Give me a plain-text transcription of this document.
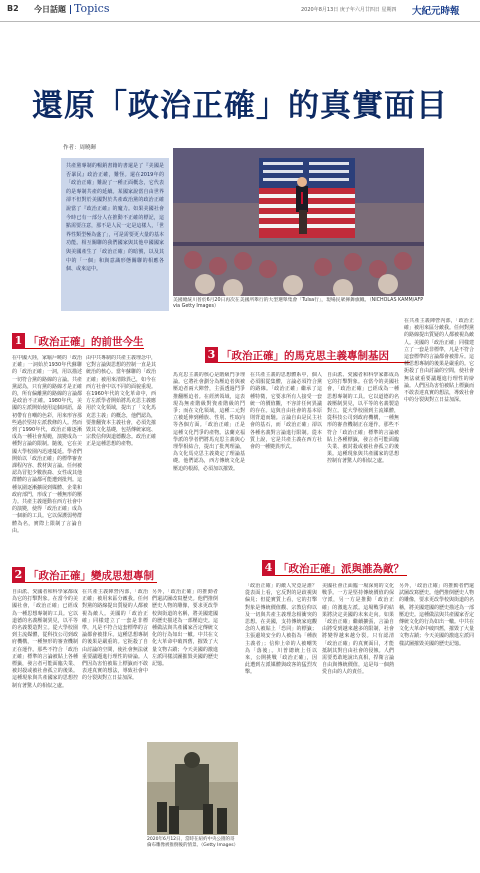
B2 今日話題 Topics	2020年8月13日 庚子年六月廿四日 星期四 大紀元時報
還原「政治正確」的真實面目
作者：周曉暉
共產黨專制的暢銷書籍的書還是了『美國是否暴民』政治正確，難怪。還在2019年的「政治正確」難說了一種正面概念，它代表的是專制共產的延續。某國家說當自由世界卻不但對於美國對於共產政治黨的政治正確說當了『政治正確』的魔力。如果美國社會今時已有一部分人在推動不正確的標記，這點需要注意，那不是人民一定是這樣人，「世界性類型極為盛了」，可是需要更大量的基本功能。相互關聯的我們國家與其他中國國家與美國產生了「政治正確」的暗號，以及其中的「一個」和與意識形態關聯的相應各個、或來這中。
美國總統川普於6月20日再次在美國所舉行的大型選舉集會「Tulsa行」，現場民眾揮舞旗幟。（NICHOLAS KAMM/AFP via Getty Images）
1 「政治正確」的前世今生
在中國大陸，家喻戶曉的「政治正確」一詞始於1930年代蘇聯的「政治正確」一詞，用以描述一切符合黨的路線的言論。共產黨認為，只有黨的路線才是正確的，所有偏離黨的路線的言論都是政治不正確。1980年代，美國的左派開始使用這個詞語，最初帶有自嘲的色彩，用來形容那些過於堅持左派教條的人。然而到了1990年代，政治正確逐漸成為一種社會規範，演變成為一種對言論的限制。隨後，它在美國大學校園內迅速蔓延。學者們開始以「政治正確」的標準審查課程內容、教材與言論。任何被認為冒犯少數族裔、女性或其他群體的言論都可能遭到批判。這種氛圍逐漸擴展到媒體、企業和政府部門，形成了一種無形的壓力。共產主義運動在西方社會中的演變，使得「政治正確」成為一個新的工具。它以保護弱勢群體為名，實際上限制了言論自由。
由中共專制的共產主義理念中，它對言論與思想的控制一直是其統治的核心。當年蘇聯的「政治正確」被用來清除異己，如今在西方社會中以不同的面貌重現。在1960年代的文化革命中，西方左派學者開始將馬克思主義應用於文化領域，提出了「文化馬克思主義」的概念，他們認為，要推翻資本主義社會，必須先摧毀其文化基礎，包括傳統家庭、宗教信仰與道德觀念。政治正確正是這種思想的產物。
2 「政治正確」變成思想專制
自由派、愛國者和科學家都成為它的打擊對象。在當今的美國社會，「政治正確」已經成為一種思想專制的工具。它以道德的名義壓制異見，以平等的名義製造對立。從大學校園到主流媒體，從科技公司到政府機構，一種無形的審查機制正在運作。那些不符合「政治正確」標準的言論被貼上各種標籤，發言者可能面臨失業、被封殺或被社會孤立的後果。這種現象與共產國家的思想控制有著驚人的相似之處。
在共產主義陣營內部，「政治正確」被用來區分敵我。任何對黨的路線提出質疑的人都被視為敵人。美國的「政治正確」同樣建立了一套是非標準，凡是不符合這套標準的言論都會被排斥。這種思想專制的後果是嚴重的。它扼殺了自由討論的空間，使社會無法就重要議題進行理性的辯論。人們因為害怕被貼上標籤而不敢表達真實的想法，導致社會中的分裂與對立日益加深。
另外，「政治正確」的推動者們還試圖改寫歷史。他們推倒歷史人物的雕像，要求更改學校與街道的名稱，將美國建國的歷史描述為一部壓迫史。這種做法與共產國家否定傳統文化的行為如出一轍。中共在文化大革命中破四舊，摧毀了大量文物古蹟；今天美國的激進左派同樣試圖摧毀美國的歷史記憶。
2020年6月12日，當時在紐約中央公園的哥倫布雕像被推倒後的情景。（Getty Images）
3 「政治正確」的馬克思主義專制基因
馬克思主義的核心是階級鬥爭理論。它將社會劃分為壓迫者與被壓迫者兩大陣營，主張透過鬥爭推翻壓迫者。在經濟領域，這表現為無產階級對資產階級的鬥爭；而在文化領域，這種二元對立被延伸到種族、性別、性取向等各個方面。「政治正確」正是這種文化鬥爭的產物。法蘭克福學派的學者們將馬克思主義與心理學相結合，提出了批判理論，為文化馬克思主義奠定了理論基礎。他們認為，西方傳統文化是壓迫的根源，必須加以摧毀。
在共產主義的思想體系中，個人必須服從集體，言論必須符合黨的路線。「政治正確」繼承了這種特徵，它要求所有人接受一套統一的價值觀，不容許任何異議的存在。這與自由社會的基本原則背道而馳。言論自由是民主社會的基石，而「政治正確」卻以各種名義對言論進行限制。從本質上說，它是共產主義在西方社會的一種變異形式。
自由派、愛國者和科學家都成為它的打擊對象。在當今的美國社會，「政治正確」已經成為一種思想專制的工具。它以道德的名義壓制異見，以平等的名義製造對立。從大學校園到主流媒體，從科技公司到政府機構，一種無形的審查機制正在運作。那些不符合「政治正確」標準的言論被貼上各種標籤，發言者可能面臨失業、被封殺或被社會孤立的後果。這種現象與共產國家的思想控制有著驚人的相似之處。
在共產主義陣營內部，「政治正確」被用來區分敵我。任何對黨的路線提出質疑的人都被視為敵人。美國的「政治正確」同樣建立了一套是非標準，凡是不符合這套標準的言論都會被排斥。這種思想專制的後果是嚴重的。它扼殺了自由討論的空間，使社會無法就重要議題進行理性的辯論。人們因為害怕被貼上標籤而不敢表達真實的想法，導致社會中的分裂與對立日益加深。
4 「政治正確」派與誰為敵？
「政治正確」的敵人究竟是誰？從表面上看，它反對的是歧視與偏見；但從實質上看，它的打擊對象是傳統價值觀、宗教信仰以及一切與共產主義理念相衝突的思想。在美國，支持傳統家庭觀念的人被貼上「恐同」的標籤；主張邊境安全的人被指為「種族主義者」；信仰上帝的人被嘲笑為「落後」。川普總統上任以來，公開挑戰「政治正確」，因此遭到左派媒體與政客的猛烈攻擊。
美國社會正面臨一場深刻的文化戰爭。一方是堅持傳統價值的保守派，另一方是推動「政治正確」的激進左派。這場戰爭的結果將決定美國的未來走向。如果「政治正確」繼續擴張，言論自由將受到越來越多的限制，社會將變得越來越分裂。只有認清「政治正確」的真實面目，才能抵制其對自由社會的侵蝕。人們需要勇敢地說出真相，捍衛言論自由與傳統價值，這是每一個熱愛自由的人的責任。
另外，「政治正確」的推動者們還試圖改寫歷史。他們推倒歷史人物的雕像，要求更改學校與街道的名稱，將美國建國的歷史描述為一部壓迫史。這種做法與共產國家否定傳統文化的行為如出一轍。中共在文化大革命中破四舊，摧毀了大量文物古蹟；今天美國的激進左派同樣試圖摧毀美國的歷史記憶。
